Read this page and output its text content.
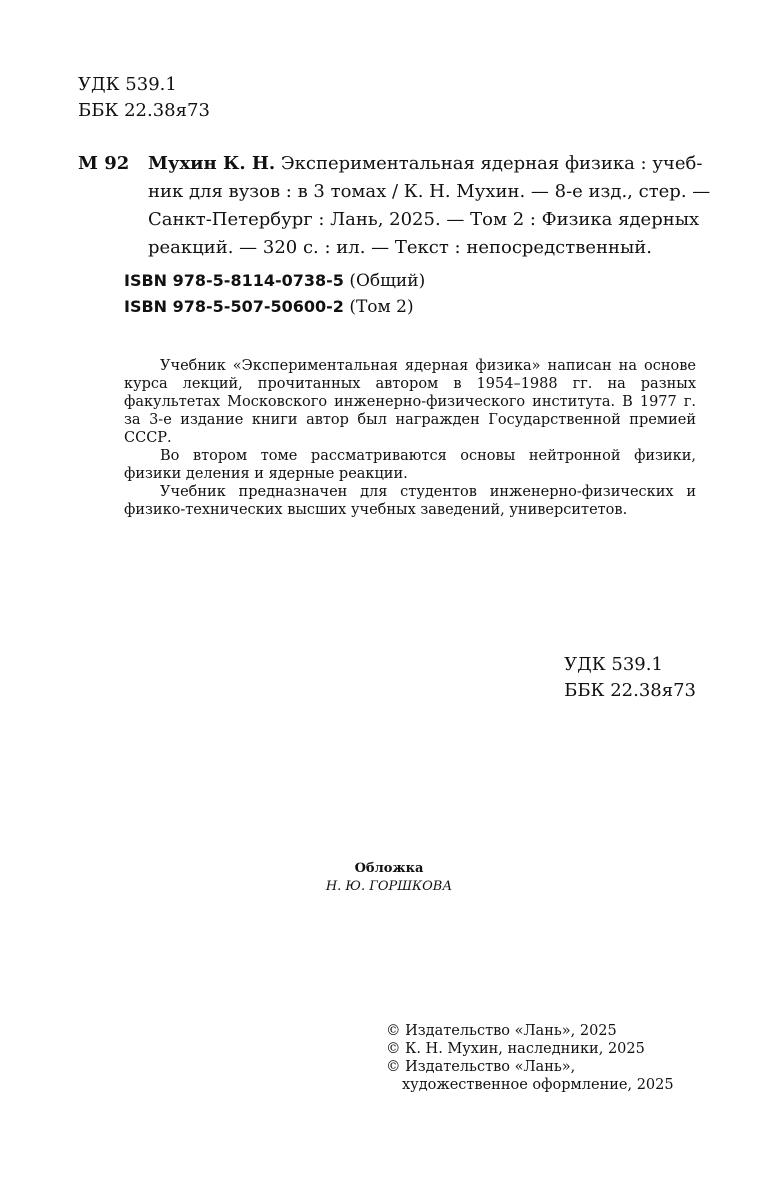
УДК 539.1
ББК 22.38я73
М 92 Мухин К. Н. Экспериментальная ядерная физика : учеб-
ник для вузов : в 3 томах / К. Н. Мухин. — 8-е изд., стер. —
Санкт-Петербург : Лань, 2025. — Том 2 : Физика ядерных
реакций. — 320 с. : ил. — Текст : непосредственный.
ISBN 978-5-8114-0738-5 (Общий)
ISBN 978-5-507-50600-2 (Том 2)

Учебник «Экспериментальная ядерная физика» написан на основе курса лекций, прочитанных автором в 1954–1988 гг. на разных факультетах Московского инженерно-физического института. В 1977 г. за 3-е издание книги автор был награжден Государственной премией СССР.

Во втором томе рассматриваются основы нейтронной физики, физики деления и ядерные реакции.

Учебник предназначен для студентов инженерно-физических и физико-технических высших учебных заведений, университетов.

УДК 539.1
ББК 22.38я73
Обложка
Н. Ю. ГОРШКОВА
© Издательство «Лань», 2025
© К. Н. Мухин, наследники, 2025
© Издательство «Лань»,
художественное оформление, 2025
